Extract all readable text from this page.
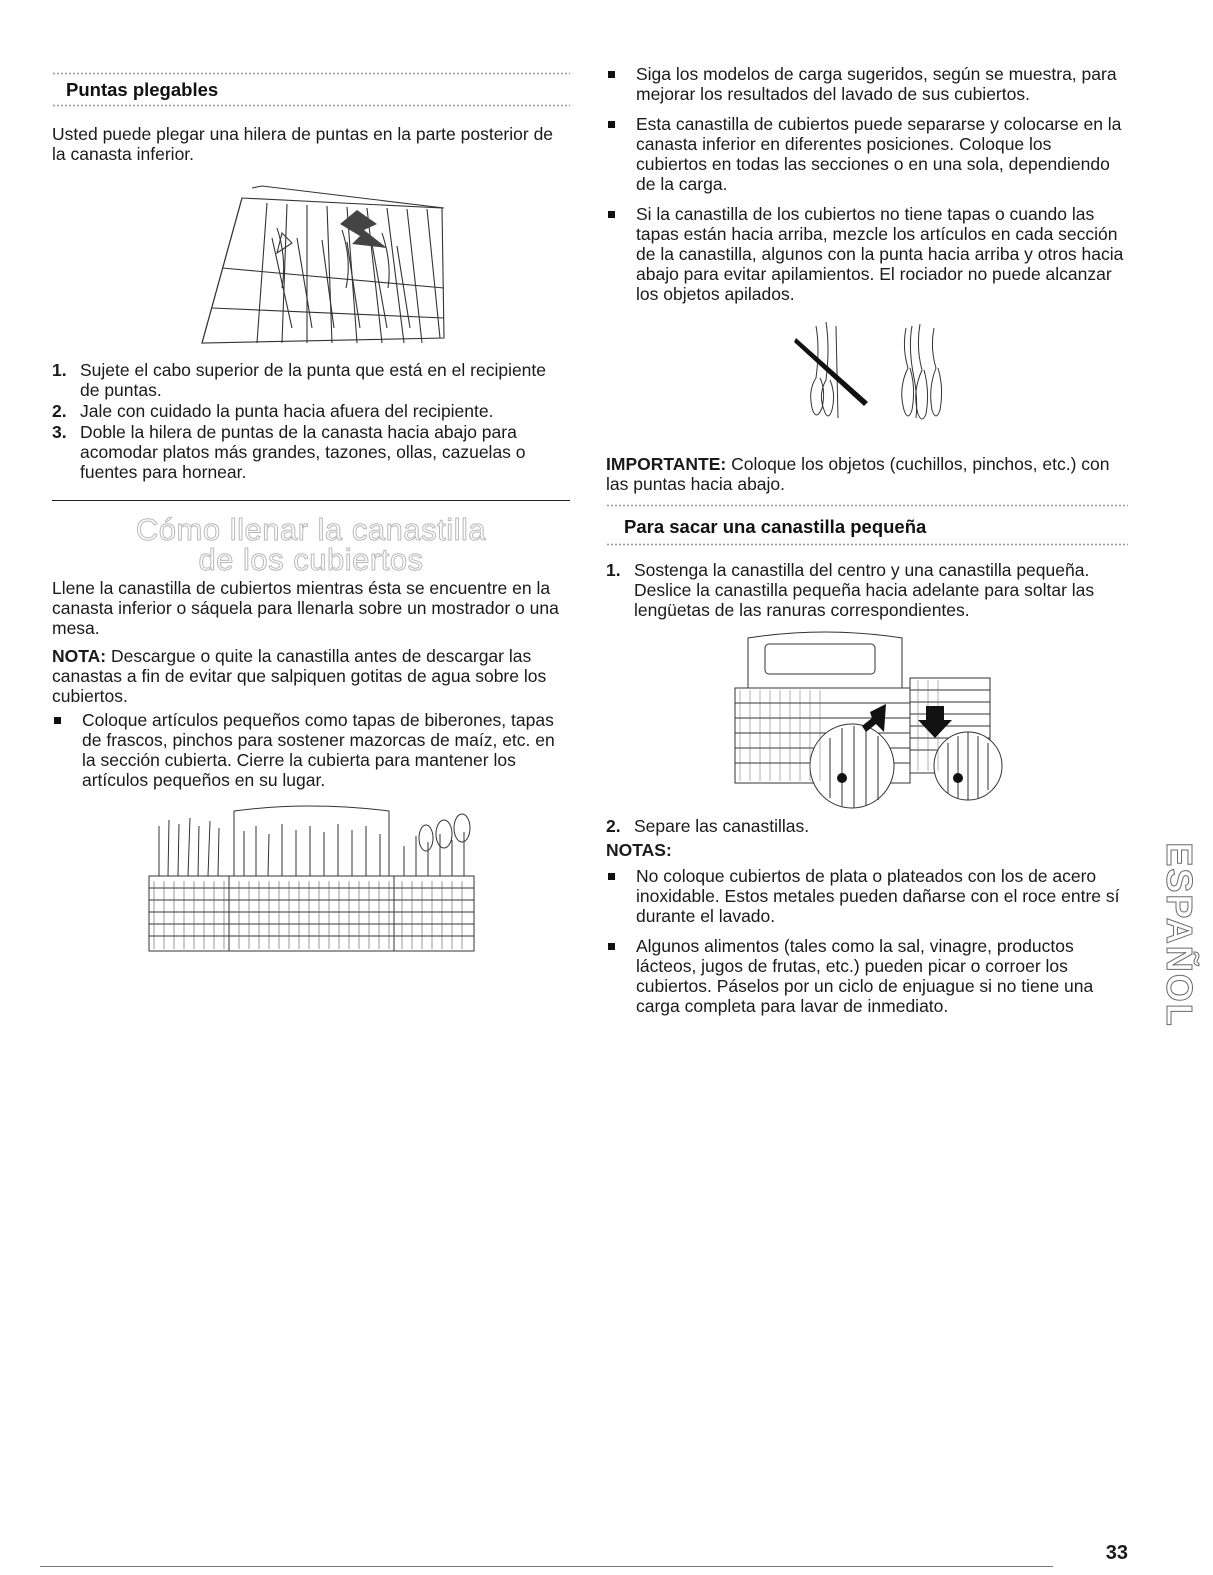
Puntas plegables

Usted puede plegar una hilera de puntas en la parte posterior de la canasta inferior.

1. Sujete el cabo superior de la punta que está en el recipiente de puntas.
2. Jale con cuidado la punta hacia afuera del recipiente.
3. Doble la hilera de puntas de la canasta hacia abajo para acomodar platos más grandes, tazones, ollas, cazuelas o fuentes para hornear.
Cómo llenar la canastilla
de los cubiertos

Llene la canastilla de cubiertos mientras ésta se encuentre en la canasta inferior o sáquela para llenarla sobre un mostrador o una mesa.

NOTA: Descargue o quite la canastilla antes de descargar las canastas a fin de evitar que salpiquen gotitas de agua sobre los cubiertos.

Coloque artículos pequeños como tapas de biberones, tapas de frascos, pinchos para sostener mazorcas de maíz, etc. en la sección cubierta. Cierre la cubierta para mantener los artículos pequeños en su lugar.
Siga los modelos de carga sugeridos, según se muestra, para mejorar los resultados del lavado de sus cubiertos.
Esta canastilla de cubiertos puede separarse y colocarse en la canasta inferior en diferentes posiciones. Coloque los cubiertos en todas las secciones o en una sola, dependiendo de la carga.
Si la canastilla de los cubiertos no tiene tapas o cuando las tapas están hacia arriba, mezcle los artículos en cada sección de la canastilla, algunos con la punta hacia arriba y otros hacia abajo para evitar apilamientos. El rociador no puede alcanzar los objetos apilados.

IMPORTANTE: Coloque los objetos (cuchillos, pinchos, etc.) con las puntas hacia abajo.

Para sacar una canastilla pequeña
1. Sostenga la canastilla del centro y una canastilla pequeña. Deslice la canastilla pequeña hacia adelante para soltar las lengüetas de las ranuras correspondientes.
2. Separe las canastillas.

NOTAS:

No coloque cubiertos de plata o plateados con los de acero inoxidable. Estos metales pueden dañarse con el roce entre sí durante el lavado.
Algunos alimentos (tales como la sal, vinagre, productos lácteos, jugos de frutas, etc.) pueden picar o corroer los cubiertos. Páselos por un ciclo de enjuague si no tiene una carga completa para lavar de inmediato.	ESPAÑOL
33
